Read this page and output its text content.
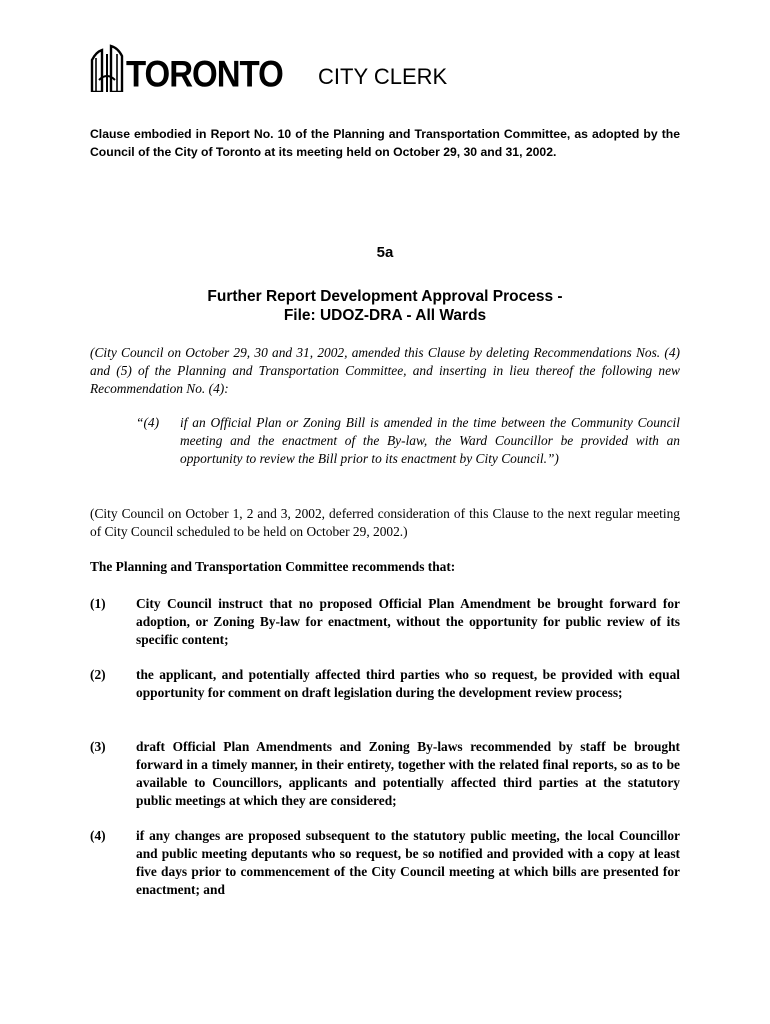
TORONTO CITY CLERK
Clause embodied in Report No. 10 of the Planning and Transportation Committee, as adopted by the Council of the City of Toronto at its meeting held on October 29, 30 and 31, 2002.
5a
Further Report Development Approval Process -
File: UDOZ-DRA - All Wards
(City Council on October 29, 30 and 31, 2002, amended this Clause by deleting Recommendations Nos. (4) and (5) of the Planning and Transportation Committee, and inserting in lieu thereof the following new Recommendation No. (4):
“(4)	if an Official Plan or Zoning Bill is amended in the time between the Community Council meeting and the enactment of the By-law, the Ward Councillor be provided with an opportunity to review the Bill prior to its enactment by City Council.”)
(City Council on October 1, 2 and 3, 2002, deferred consideration of this Clause to the next regular meeting of City Council scheduled to be held on October 29, 2002.)
The Planning and Transportation Committee recommends that:
(1)	City Council instruct that no proposed Official Plan Amendment be brought forward for adoption, or Zoning By-law for enactment, without the opportunity for public review of its specific content;
(2)	the applicant, and potentially affected third parties who so request, be provided with equal opportunity for comment on draft legislation during the development review process;
(3)	draft Official Plan Amendments and Zoning By-laws recommended by staff be brought forward in a timely manner, in their entirety, together with the related final reports, so as to be available to Councillors, applicants and potentially affected third parties at the statutory public meetings at which they are considered;
(4)	if any changes are proposed subsequent to the statutory public meeting, the local Councillor and public meeting deputants who so request, be so notified and provided with a copy at least five days prior to commencement of the City Council meeting at which bills are presented for enactment; and
